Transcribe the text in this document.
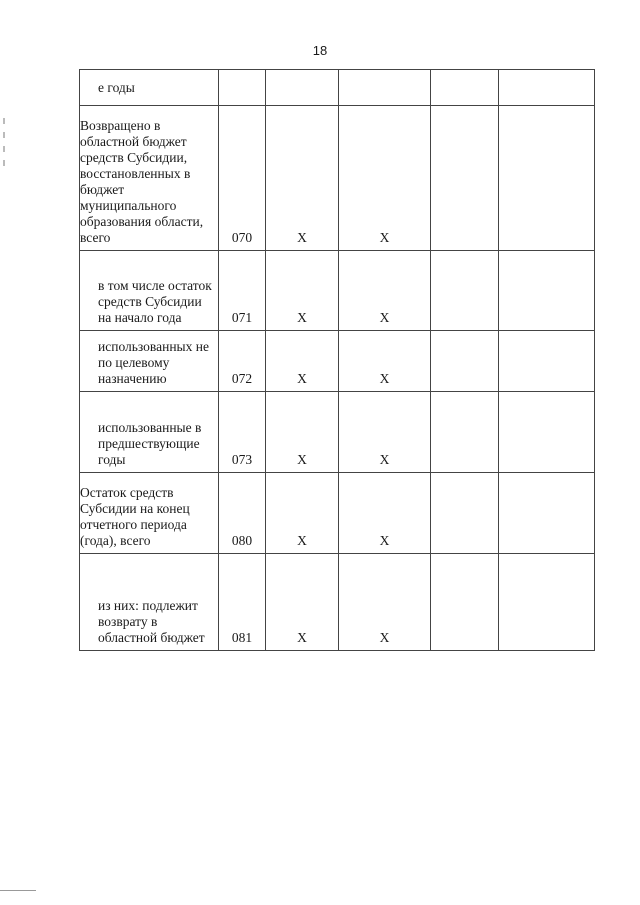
18
е годы					
Возвращено в областной бюджет средств Субсидии, восстановленных в бюджет муниципального образования области, всего	070	X	X		
в том числе остаток средств Субсидии на начало года	071	X	X		
использованных не по целевому назначению	072	X	X		
использованные в предшествующие годы	073	X	X		
Остаток средств Субсидии на конец отчетного периода (года), всего	080	X	X		
из них: подлежит возврату в областной бюджет	081	X	X		
